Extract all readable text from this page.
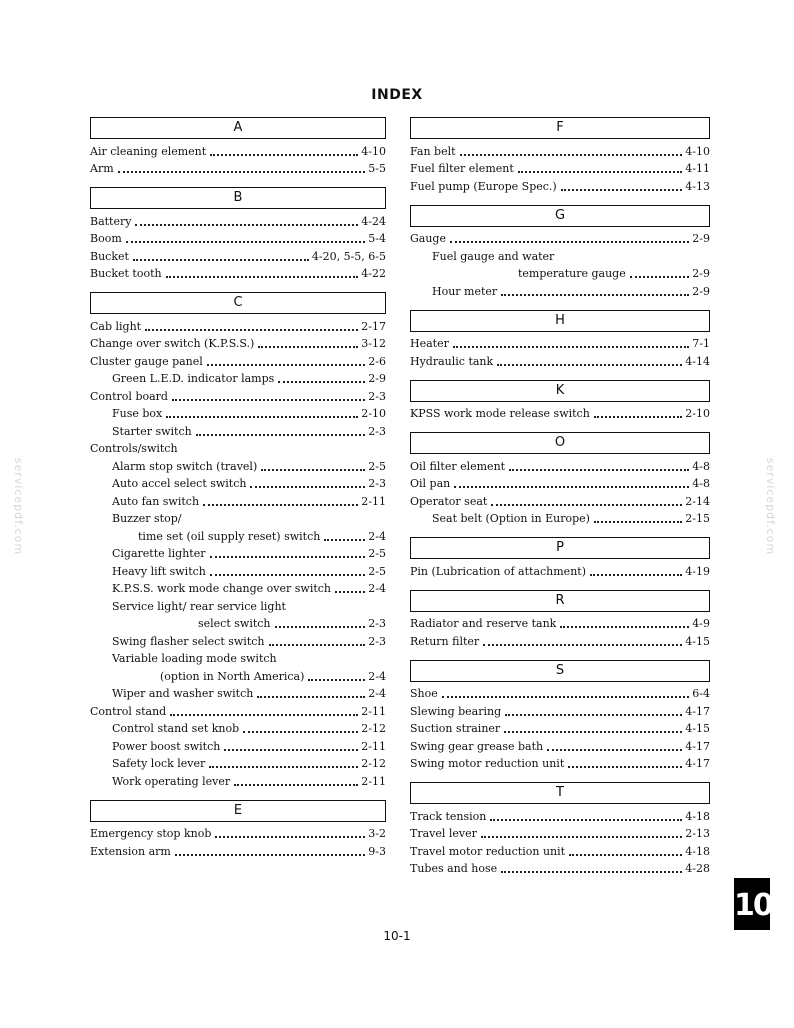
INDEX
A
Air cleaning element	4-10
Arm	5-5
B
Battery	4-24
Boom	5-4
Bucket	4-20, 5-5, 6-5
Bucket tooth	4-22
C
Cab light	2-17
Change over switch (K.P.S.S.)	3-12
Cluster gauge panel	2-6
Green L.E.D. indicator lamps	2-9
Control board	2-3
Fuse box	2-10
Starter switch	2-3
Controls/switch
Alarm stop switch (travel)	2-5
Auto accel select switch	2-3
Auto fan switch	2-11
Buzzer stop/
time set (oil supply reset) switch	2-4
Cigarette lighter	2-5
Heavy lift switch	2-5
K.P.S.S. work mode change over switch	2-4
Service light/ rear service light
select switch	2-3
Swing flasher select switch	2-3
Variable loading mode switch
(option in North America)	2-4
Wiper and washer switch	2-4
Control stand	2-11
Control stand set knob	2-12
Power boost switch	2-11
Safety lock lever	2-12
Work operating lever	2-11
E
Emergency stop knob	3-2
Extension arm	9-3
F
Fan belt	4-10
Fuel filter element	4-11
Fuel pump (Europe Spec.)	4-13
G
Gauge	2-9
Fuel gauge and water
temperature gauge	2-9
Hour meter	2-9
H
Heater	7-1
Hydraulic tank	4-14
K
KPSS work mode release switch	2-10
O
Oil filter element	4-8
Oil pan	4-8
Operator seat	2-14
Seat belt (Option in Europe)	2-15
P
Pin (Lubrication of attachment)	4-19
R
Radiator and reserve tank	4-9
Return filter	4-15
S
Shoe	6-4
Slewing bearing	4-17
Suction strainer	4-15
Swing gear grease bath	4-17
Swing motor reduction unit	4-17
T
Track tension	4-18
Travel lever	2-13
Travel motor reduction unit	4-18
Tubes and hose	4-28
servicepdf.com	servicepdf.com
10-1
10
